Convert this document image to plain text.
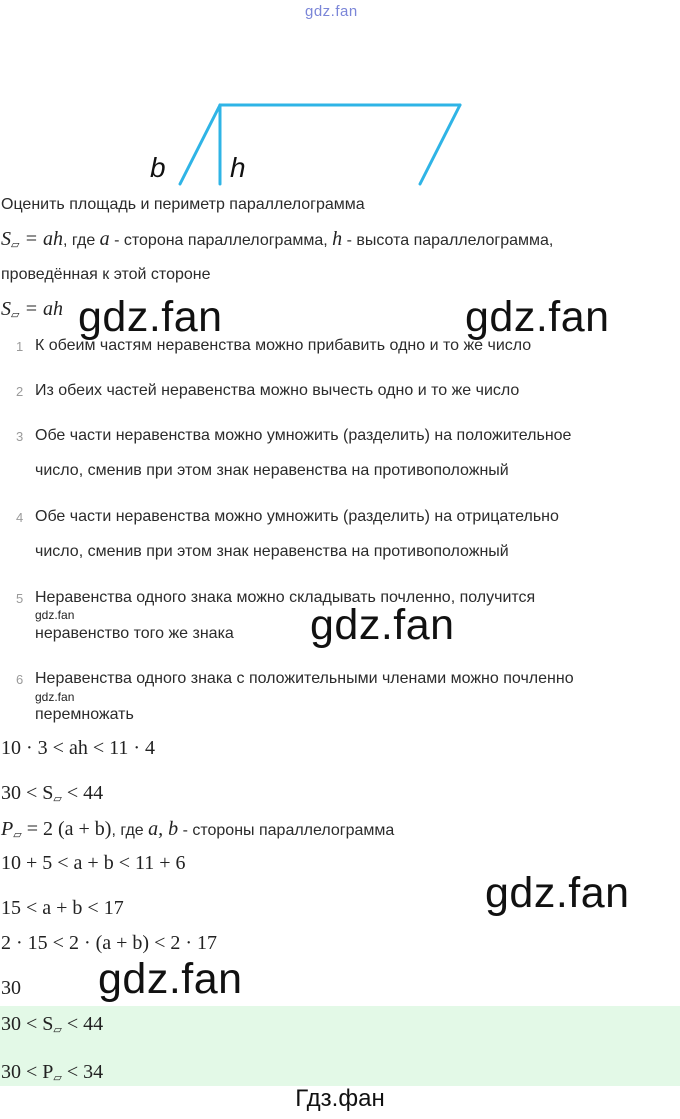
gdz.fan
b h
Оценить площадь и периметр параллелограмма
$S_▱$ = ah, где a - сторона параллелограмма, h - высота параллелограмма,
проведённая к этой стороне
$S_▱$ = ah
1 К обеим частям неравенства можно прибавить одно и то же число
2 Из обеих частей неравенства можно вычесть одно и то же число
3 Обе части неравенства можно умножить (разделить) на положительное
число, сменив при этом знак неравенства на противоположный
4 Обе части неравенства можно умножить (разделить) на отрицательно
число, сменив при этом знак неравенства на противоположный
5 Неравенства одного знака можно складывать почленно, получится
неравенство того же знака
6 Неравенства одного знака с положительными членами можно почленно
перемножать
10 · 3 < ah < 11 · 4
$30 < S_▱ < 44$
$P_▱ = 2$ (a + b), где a, b - стороны параллелограмма
10 + 5 < a + b < 11 + 6
15 < a + b < 17
2 · 15 < 2 · (a + b) < 2 · 17
30
$30 < S_▱ < 44$
$30 < P_▱ < 34$
gdz.fan	gdz.fan
gdz.fan
gdz.fan
gdz.fan
gdz.fan
gdz.fan
Гдз.фан
